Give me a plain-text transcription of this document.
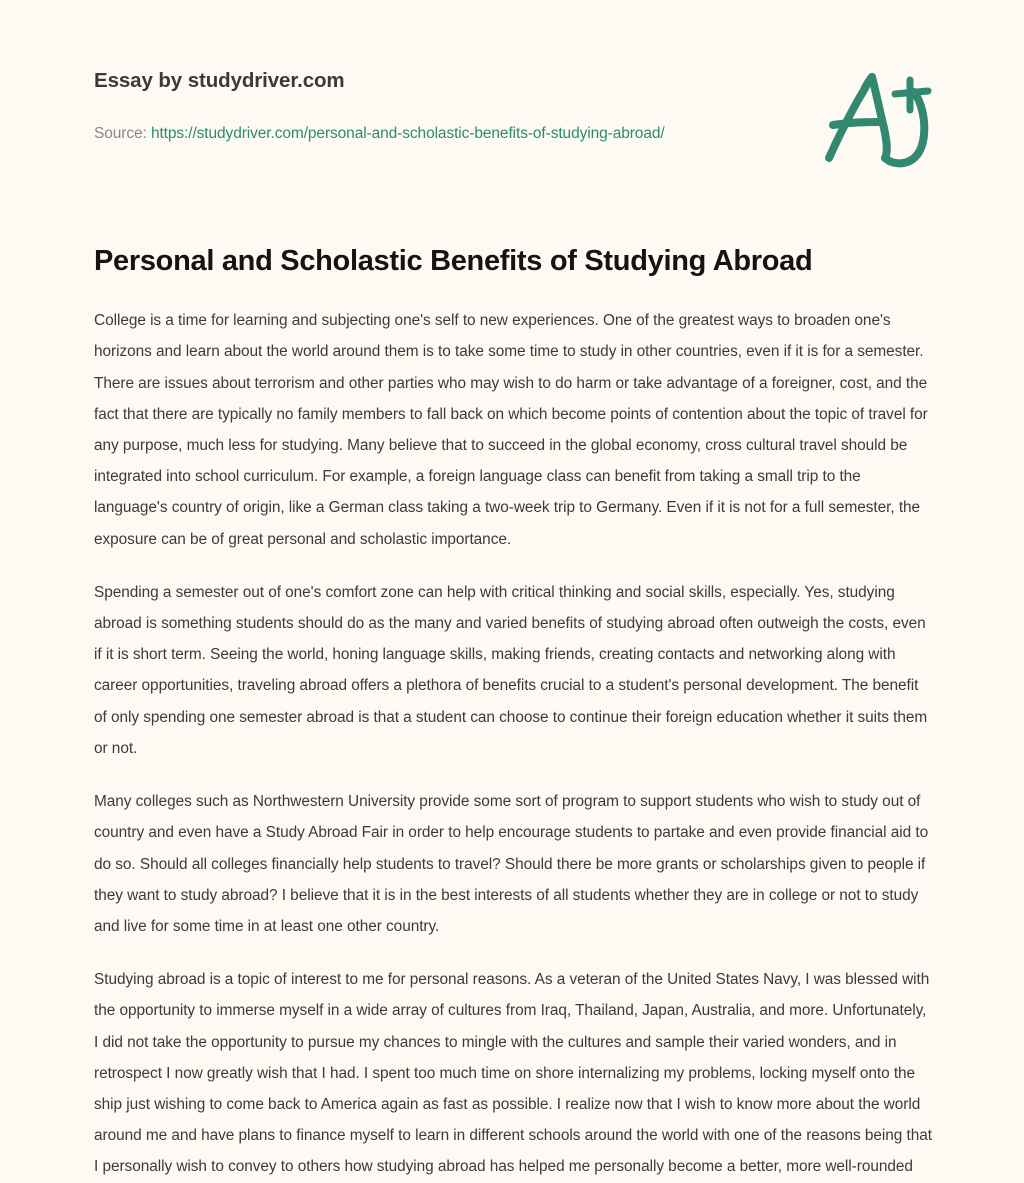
Essay by studydriver.com
Source: https://studydriver.com/personal-and-scholastic-benefits-of-studying-abroad/
Personal and Scholastic Benefits of Studying Abroad

College is a time for learning and subjecting one's self to new experiences. One of the greatest ways to broaden one's horizons and learn about the world around them is to take some time to study in other countries, even if it is for a semester. There are issues about terrorism and other parties who may wish to do harm or take advantage of a foreigner, cost, and the fact that there are typically no family members to fall back on which become points of contention about the topic of travel for any purpose, much less for studying. Many believe that to succeed in the global economy, cross cultural travel should be integrated into school curriculum. For example, a foreign language class can benefit from taking a small trip to the language's country of origin, like a German class taking a two-week trip to Germany. Even if it is not for a full semester, the exposure can be of great personal and scholastic importance.

Spending a semester out of one's comfort zone can help with critical thinking and social skills, especially. Yes, studying abroad is something students should do as the many and varied benefits of studying abroad often outweigh the costs, even if it is short term. Seeing the world, honing language skills, making friends, creating contacts and networking along with career opportunities, traveling abroad offers a plethora of benefits crucial to a student's personal development. The benefit of only spending one semester abroad is that a student can choose to continue their foreign education whether it suits them or not.

Many colleges such as Northwestern University provide some sort of program to support students who wish to study out of country and even have a Study Abroad Fair in order to help encourage students to partake and even provide financial aid to do so. Should all colleges financially help students to travel? Should there be more grants or scholarships given to people if they want to study abroad? I believe that it is in the best interests of all students whether they are in college or not to study and live for some time in at least one other country.

Studying abroad is a topic of interest to me for personal reasons. As a veteran of the United States Navy, I was blessed with the opportunity to immerse myself in a wide array of cultures from Iraq, Thailand, Japan, Australia, and more. Unfortunately, I did not take the opportunity to pursue my chances to mingle with the cultures and sample their varied wonders, and in retrospect I now greatly wish that I had. I spent too much time on shore internalizing my problems, locking myself onto the ship just wishing to come back to America again as fast as possible. I realize now that I wish to know more about the world around me and have plans to finance myself to learn in different schools around the world with one of the reasons being that I personally wish to convey to others how studying abroad has helped me personally become a better, more well-rounded
